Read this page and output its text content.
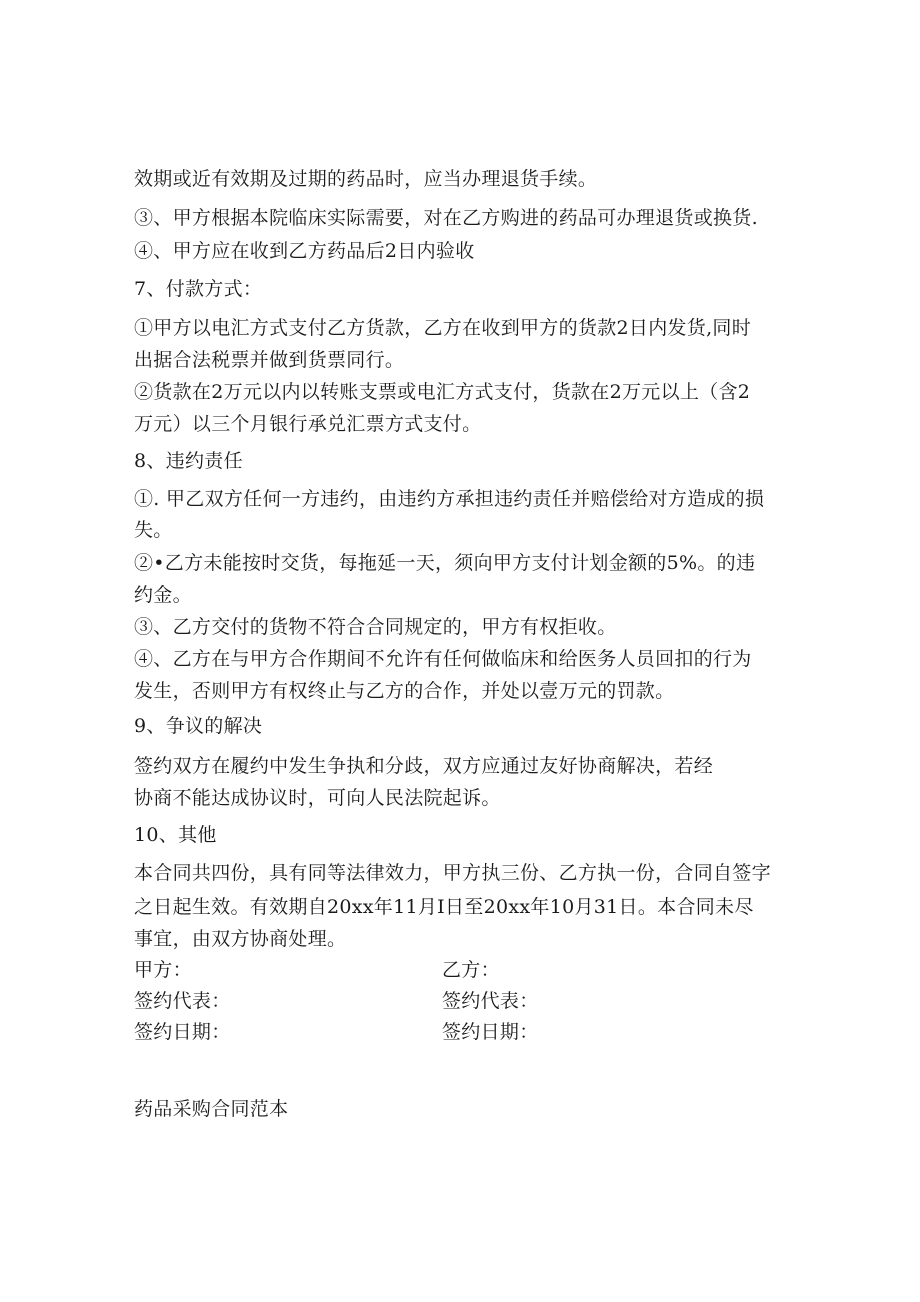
效期或近有效期及过期的药品时，应当办理退货手续。
③、甲方根据本院临床实际需要，对在乙方购进的药品可办理退货或换货.
④、甲方应在收到乙方药品后2日内验收
7、付款方式：
①甲方以电汇方式支付乙方货款，乙方在收到甲方的货款2日内发货,同时
出据合法税票并做到货票同行。
②货款在2万元以内以转账支票或电汇方式支付，货款在2万元以上（含2
万元）以三个月银行承兑汇票方式支付。
8、违约责任
①. 甲乙双方任何一方违约，由违约方承担违约责任并赔偿给对方造成的损
失。
②•乙方未能按时交货，每拖延一天，须向甲方支付计划金额的5%。的违
约金。
③、乙方交付的货物不符合合同规定的，甲方有权拒收。
④、乙方在与甲方合作期间不允许有任何做临床和给医务人员回扣的行为
发生，否则甲方有权终止与乙方的合作，并处以壹万元的罚款。
9、争议的解决
签约双方在履约中发生争执和分歧，双方应通过友好协商解决，若经
协商不能达成协议时，可向人民法院起诉。
10、其他
本合同共四份，具有同等法律效力，甲方执三份、乙方执一份，合同自签字
之日起生效。有效期自20xx年11月I日至20xx年10月31日。本合同未尽
事宜，由双方协商处理。
甲方：	乙方：
签约代表：	签约代表：
签约日期：	签约日期：
药品采购合同范本
